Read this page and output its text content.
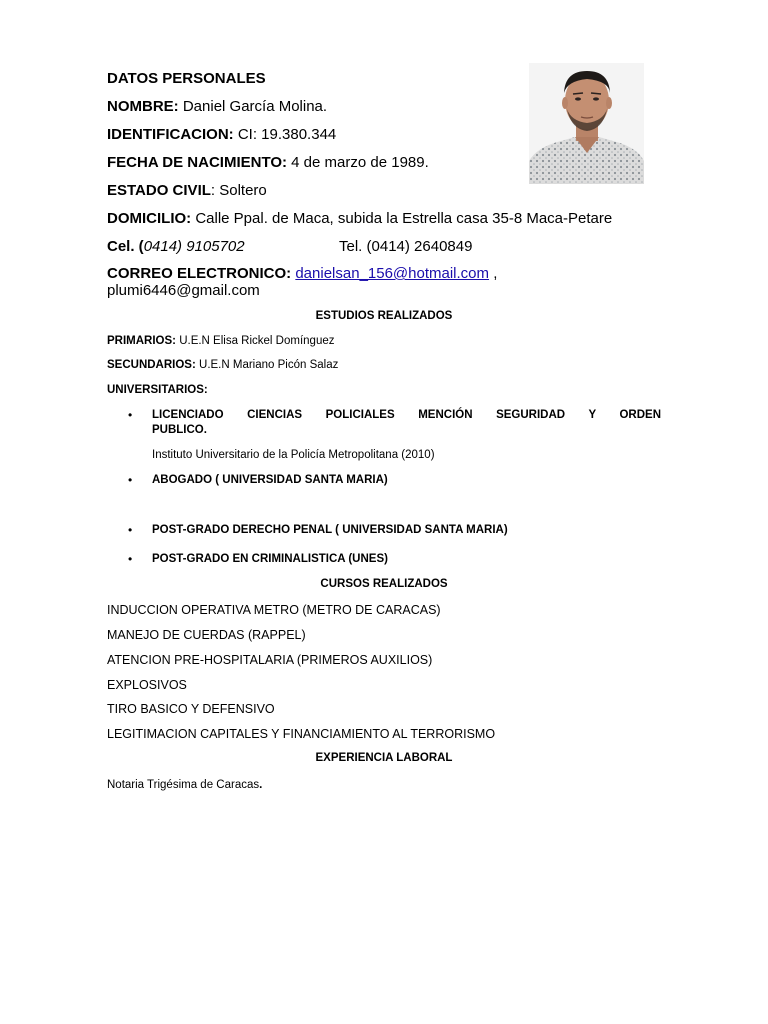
DATOS PERSONALES
NOMBRE: Daniel García Molina.
IDENTIFICACION: CI: 19.380.344
FECHA DE NACIMIENTO: 4 de marzo de 1989.
ESTADO CIVIL: Soltero
DOMICILIO: Calle Ppal. de Maca, subida la Estrella casa 35-8 Maca-Petare
Cel. (0414) 9105702	Tel. (0414) 2640849
CORREO ELECTRONICO: danielsan_156@hotmail.com ,
plumi6446@gmail.com
ESTUDIOS REALIZADOS
PRIMARIOS: U.E.N Elisa Rickel Domínguez
SECUNDARIOS: U.E.N Mariano Picón Salaz
UNIVERSITARIOS:
• LICENCIADO CIENCIAS POLICIALES MENCIÓN SEGURIDAD Y ORDEN
PUBLICO.
Instituto Universitario de la Policía Metropolitana (2010)
• ABOGADO ( UNIVERSIDAD SANTA MARIA)
• POST-GRADO DERECHO PENAL ( UNIVERSIDAD SANTA MARIA)
• POST-GRADO EN CRIMINALISTICA (UNES)
CURSOS REALIZADOS
INDUCCION OPERATIVA METRO (METRO DE CARACAS)
MANEJO DE CUERDAS (RAPPEL)
ATENCION PRE-HOSPITALARIA (PRIMEROS AUXILIOS)
EXPLOSIVOS
TIRO BASICO Y DEFENSIVO
LEGITIMACION CAPITALES Y FINANCIAMIENTO AL TERRORISMO
EXPERIENCIA LABORAL
Notaria Trigésima de Caracas.
